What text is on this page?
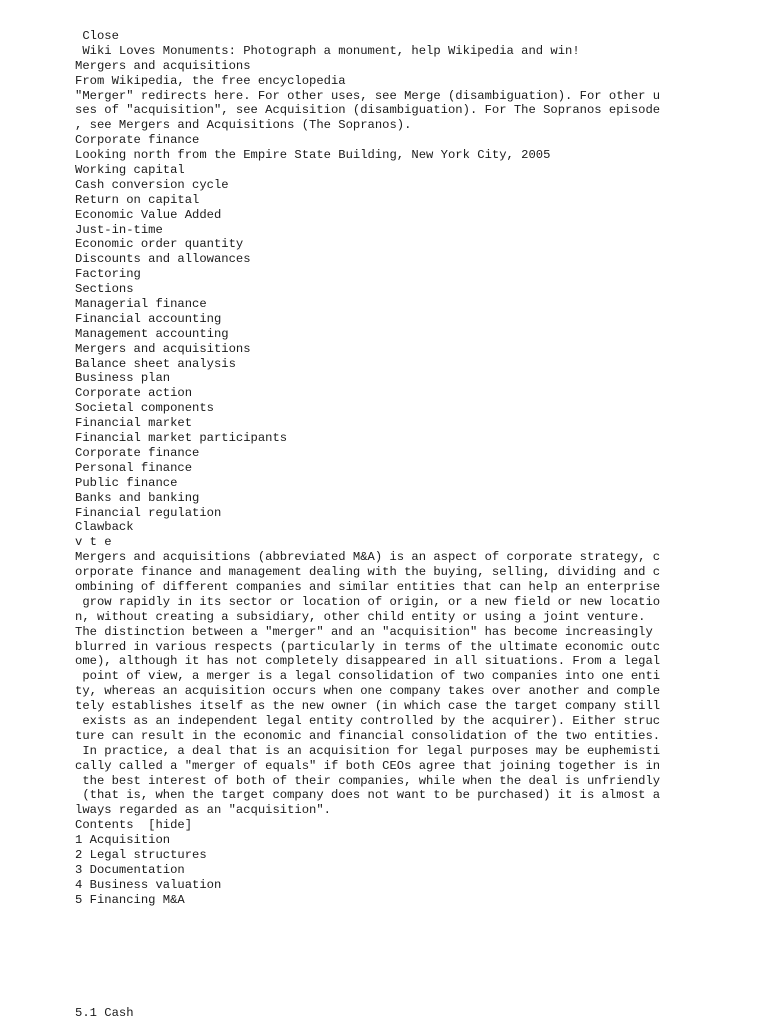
Close
Wiki Loves Monuments: Photograph a monument, help Wikipedia and win!
Mergers and acquisitions
From Wikipedia, the free encyclopedia
"Merger" redirects here. For other uses, see Merge (disambiguation). For other u
ses of "acquisition", see Acquisition (disambiguation). For The Sopranos episode
, see Mergers and Acquisitions (The Sopranos).
Corporate finance
Looking north from the Empire State Building, New York City, 2005
Working capital
Cash conversion cycle
Return on capital
Economic Value Added
Just-in-time
Economic order quantity
Discounts and allowances
Factoring
Sections
Managerial finance
Financial accounting
Management accounting
Mergers and acquisitions
Balance sheet analysis
Business plan
Corporate action
Societal components
Financial market
Financial market participants
Corporate finance
Personal finance
Public finance
Banks and banking
Financial regulation
Clawback
v t e
Mergers and acquisitions (abbreviated M&A) is an aspect of corporate strategy, c
orporate finance and management dealing with the buying, selling, dividing and c
ombining of different companies and similar entities that can help an enterprise
grow rapidly in its sector or location of origin, or a new field or new locatio
n, without creating a subsidiary, other child entity or using a joint venture.
The distinction between a "merger" and an "acquisition" has become increasingly
blurred in various respects (particularly in terms of the ultimate economic outc
ome), although it has not completely disappeared in all situations. From a legal
point of view, a merger is a legal consolidation of two companies into one enti
ty, whereas an acquisition occurs when one company takes over another and comple
tely establishes itself as the new owner (in which case the target company still
exists as an independent legal entity controlled by the acquirer). Either struc
ture can result in the economic and financial consolidation of the two entities.
In practice, a deal that is an acquisition for legal purposes may be euphemisti
cally called a "merger of equals" if both CEOs agree that joining together is in
the best interest of both of their companies, while when the deal is unfriendly
(that is, when the target company does not want to be purchased) it is almost a
lways regarded as an "acquisition".
Contents  [hide]
1 Acquisition
2 Legal structures
3 Documentation
4 Business valuation
5 Financing M&A
5.1 Cash
